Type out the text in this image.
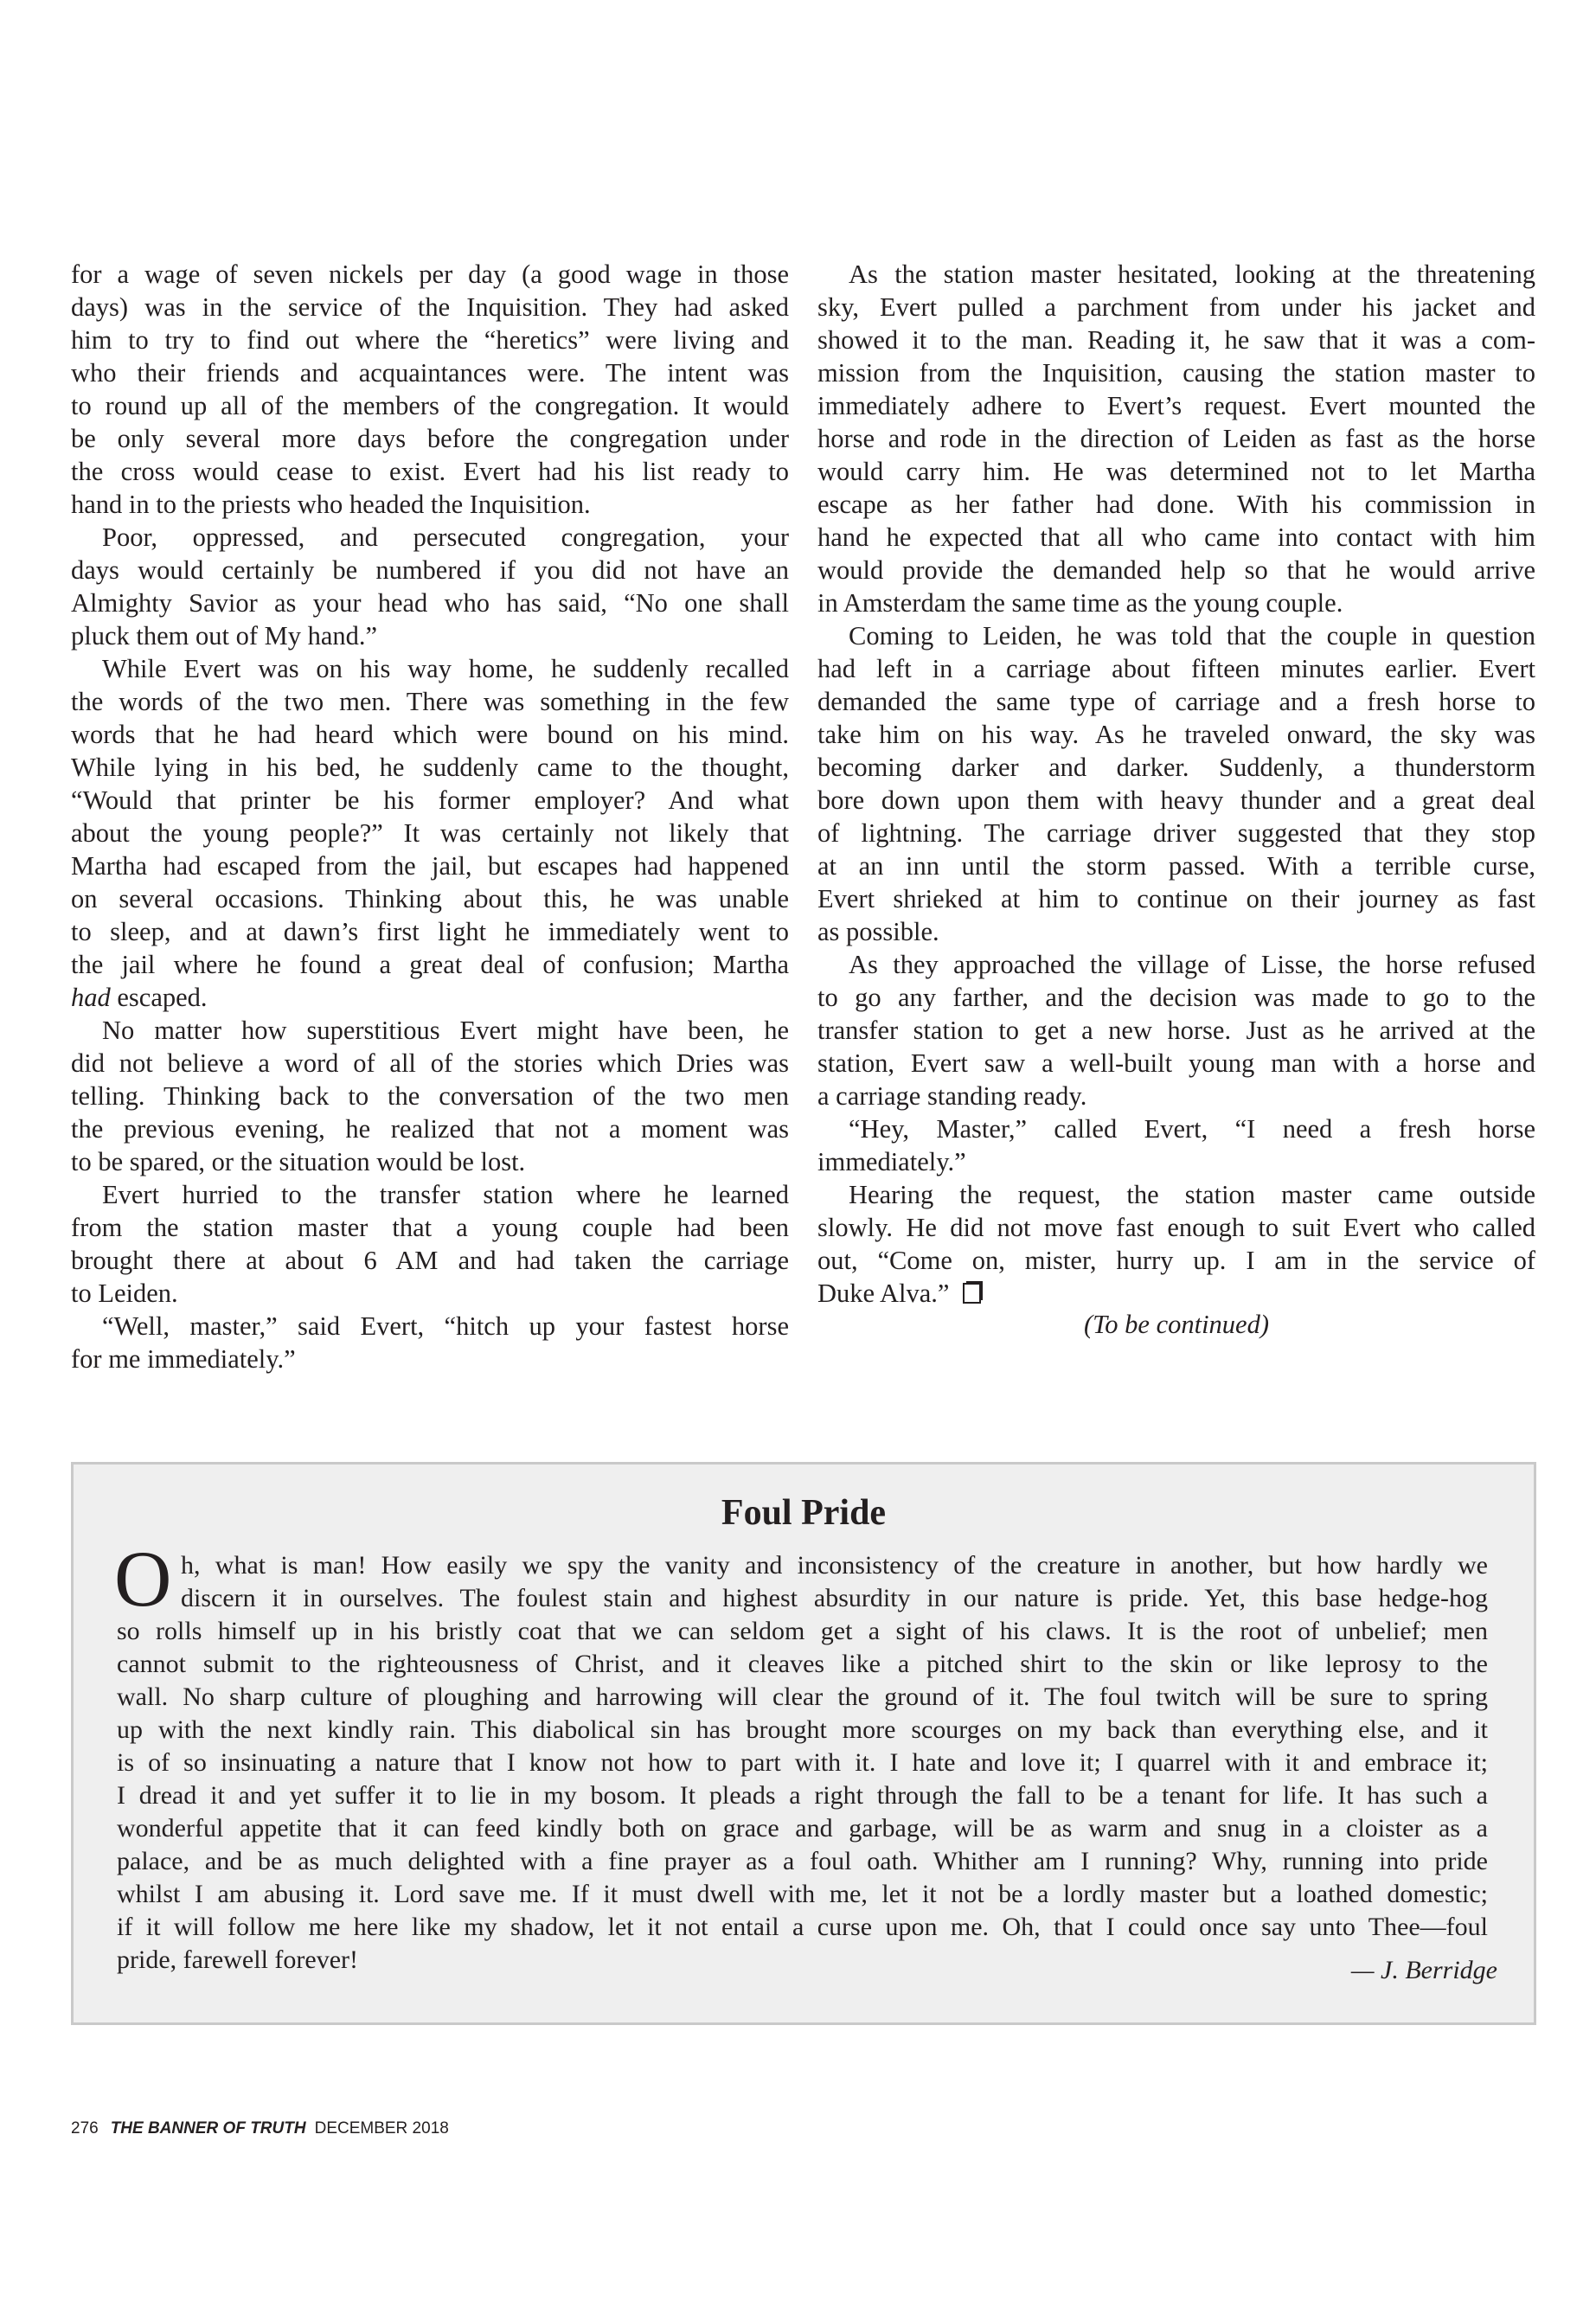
for a wage of seven nickels per day (a good wage in those
days) was in the service of the Inquisition. They had asked
him to try to find out where the “heretics” were living and
who their friends and acquaintances were. The intent was
to round up all of the members of the congregation. It would
be only several more days before the congregation under
the cross would cease to exist. Evert had his list ready to
hand in to the priests who headed the Inquisition.
Poor, oppressed, and persecuted congregation, your
days would certainly be numbered if you did not have an
Almighty Savior as your head who has said, “No one shall
pluck them out of My hand.”
While Evert was on his way home, he suddenly recalled
the words of the two men. There was something in the few
words that he had heard which were bound on his mind.
While lying in his bed, he suddenly came to the thought,
“Would that printer be his former employer? And what
about the young people?” It was certainly not likely that
Martha had escaped from the jail, but escapes had happened
on several occasions. Thinking about this, he was unable
to sleep, and at dawn’s first light he immediately went to
the jail where he found a great deal of confusion; Martha
had escaped.
No matter how superstitious Evert might have been, he
did not believe a word of all of the stories which Dries was
telling. Thinking back to the conversation of the two men
the previous evening, he realized that not a moment was
to be spared, or the situation would be lost.
Evert hurried to the transfer station where he learned
from the station master that a young couple had been
brought there at about 6 AM and had taken the carriage
to Leiden.
“Well, master,” said Evert, “hitch up your fastest horse
for me immediately.”
As the station master hesitated, looking at the threatening
sky, Evert pulled a parchment from under his jacket and
showed it to the man. Reading it, he saw that it was a com-
mission from the Inquisition, causing the station master to
immediately adhere to Evert’s request. Evert mounted the
horse and rode in the direction of Leiden as fast as the horse
would carry him. He was determined not to let Martha
escape as her father had done. With his commission in
hand he expected that all who came into contact with him
would provide the demanded help so that he would arrive
in Amsterdam the same time as the young couple.
Coming to Leiden, he was told that the couple in question
had left in a carriage about fifteen minutes earlier. Evert
demanded the same type of carriage and a fresh horse to
take him on his way. As he traveled onward, the sky was
becoming darker and darker. Suddenly, a thunderstorm
bore down upon them with heavy thunder and a great deal
of lightning. The carriage driver suggested that they stop
at an inn until the storm passed. With a terrible curse,
Evert shrieked at him to continue on their journey as fast
as possible.
As they approached the village of Lisse, the horse refused
to go any farther, and the decision was made to go to the
transfer station to get a new horse. Just as he arrived at the
station, Evert saw a well-built young man with a horse and
a carriage standing ready.
“Hey, Master,” called Evert, “I need a fresh horse
immediately.”
Hearing the request, the station master came outside
slowly. He did not move fast enough to suit Evert who called
out, “Come on, mister, hurry up. I am in the service of
Duke Alva.”
(To be continued)
Foul Pride
O h, what is man! How easily we spy the vanity and inconsistency of the creature in another, but how hardly we
discern it in ourselves. The foulest stain and highest absurdity in our nature is pride. Yet, this base hedge-hog
so rolls himself up in his bristly coat that we can seldom get a sight of his claws. It is the root of unbelief; men
cannot submit to the righteousness of Christ, and it cleaves like a pitched shirt to the skin or like leprosy to the
wall. No sharp culture of ploughing and harrowing will clear the ground of it. The foul twitch will be sure to spring
up with the next kindly rain. This diabolical sin has brought more scourges on my back than everything else, and it
is of so insinuating a nature that I know not how to part with it. I hate and love it; I quarrel with it and embrace it;
I dread it and yet suffer it to lie in my bosom. It pleads a right through the fall to be a tenant for life. It has such a
wonderful appetite that it can feed kindly both on grace and garbage, will be as warm and snug in a cloister as a
palace, and be as much delighted with a fine prayer as a foul oath. Whither am I running? Why, running into pride
whilst I am abusing it. Lord save me. If it must dwell with me, let it not be a lordly master but a loathed domestic;
if it will follow me here like my shadow, let it not entail a curse upon me. Oh, that I could once say unto Thee—foul
pride, farewell forever!	— J. Berridge
276 THE BANNER OF TRUTH DECEMBER 2018
